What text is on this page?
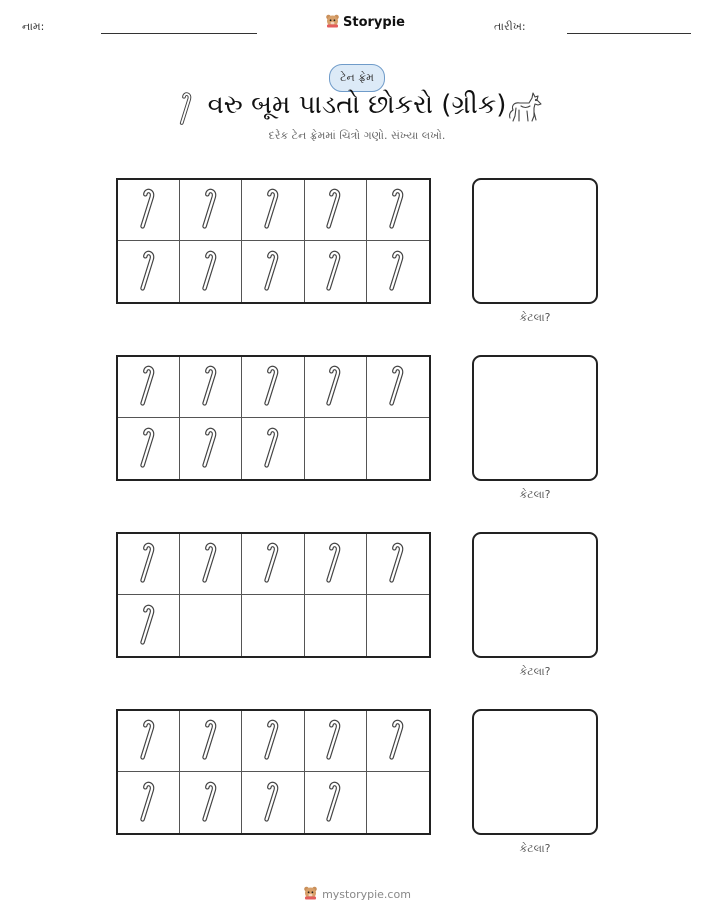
નામ:	Storypie	તારીખ:
ટેન ફ્રેમ
વરુ બૂમ પાડતો છોકરો (ગ્રીક)
દરેક ટેન ફ્રેમમાં ચિત્રો ગણો. સંખ્યા લખો.
કેટલા?
કેટલા?
કેટલા?
કેટલા?
mystorypie.com
